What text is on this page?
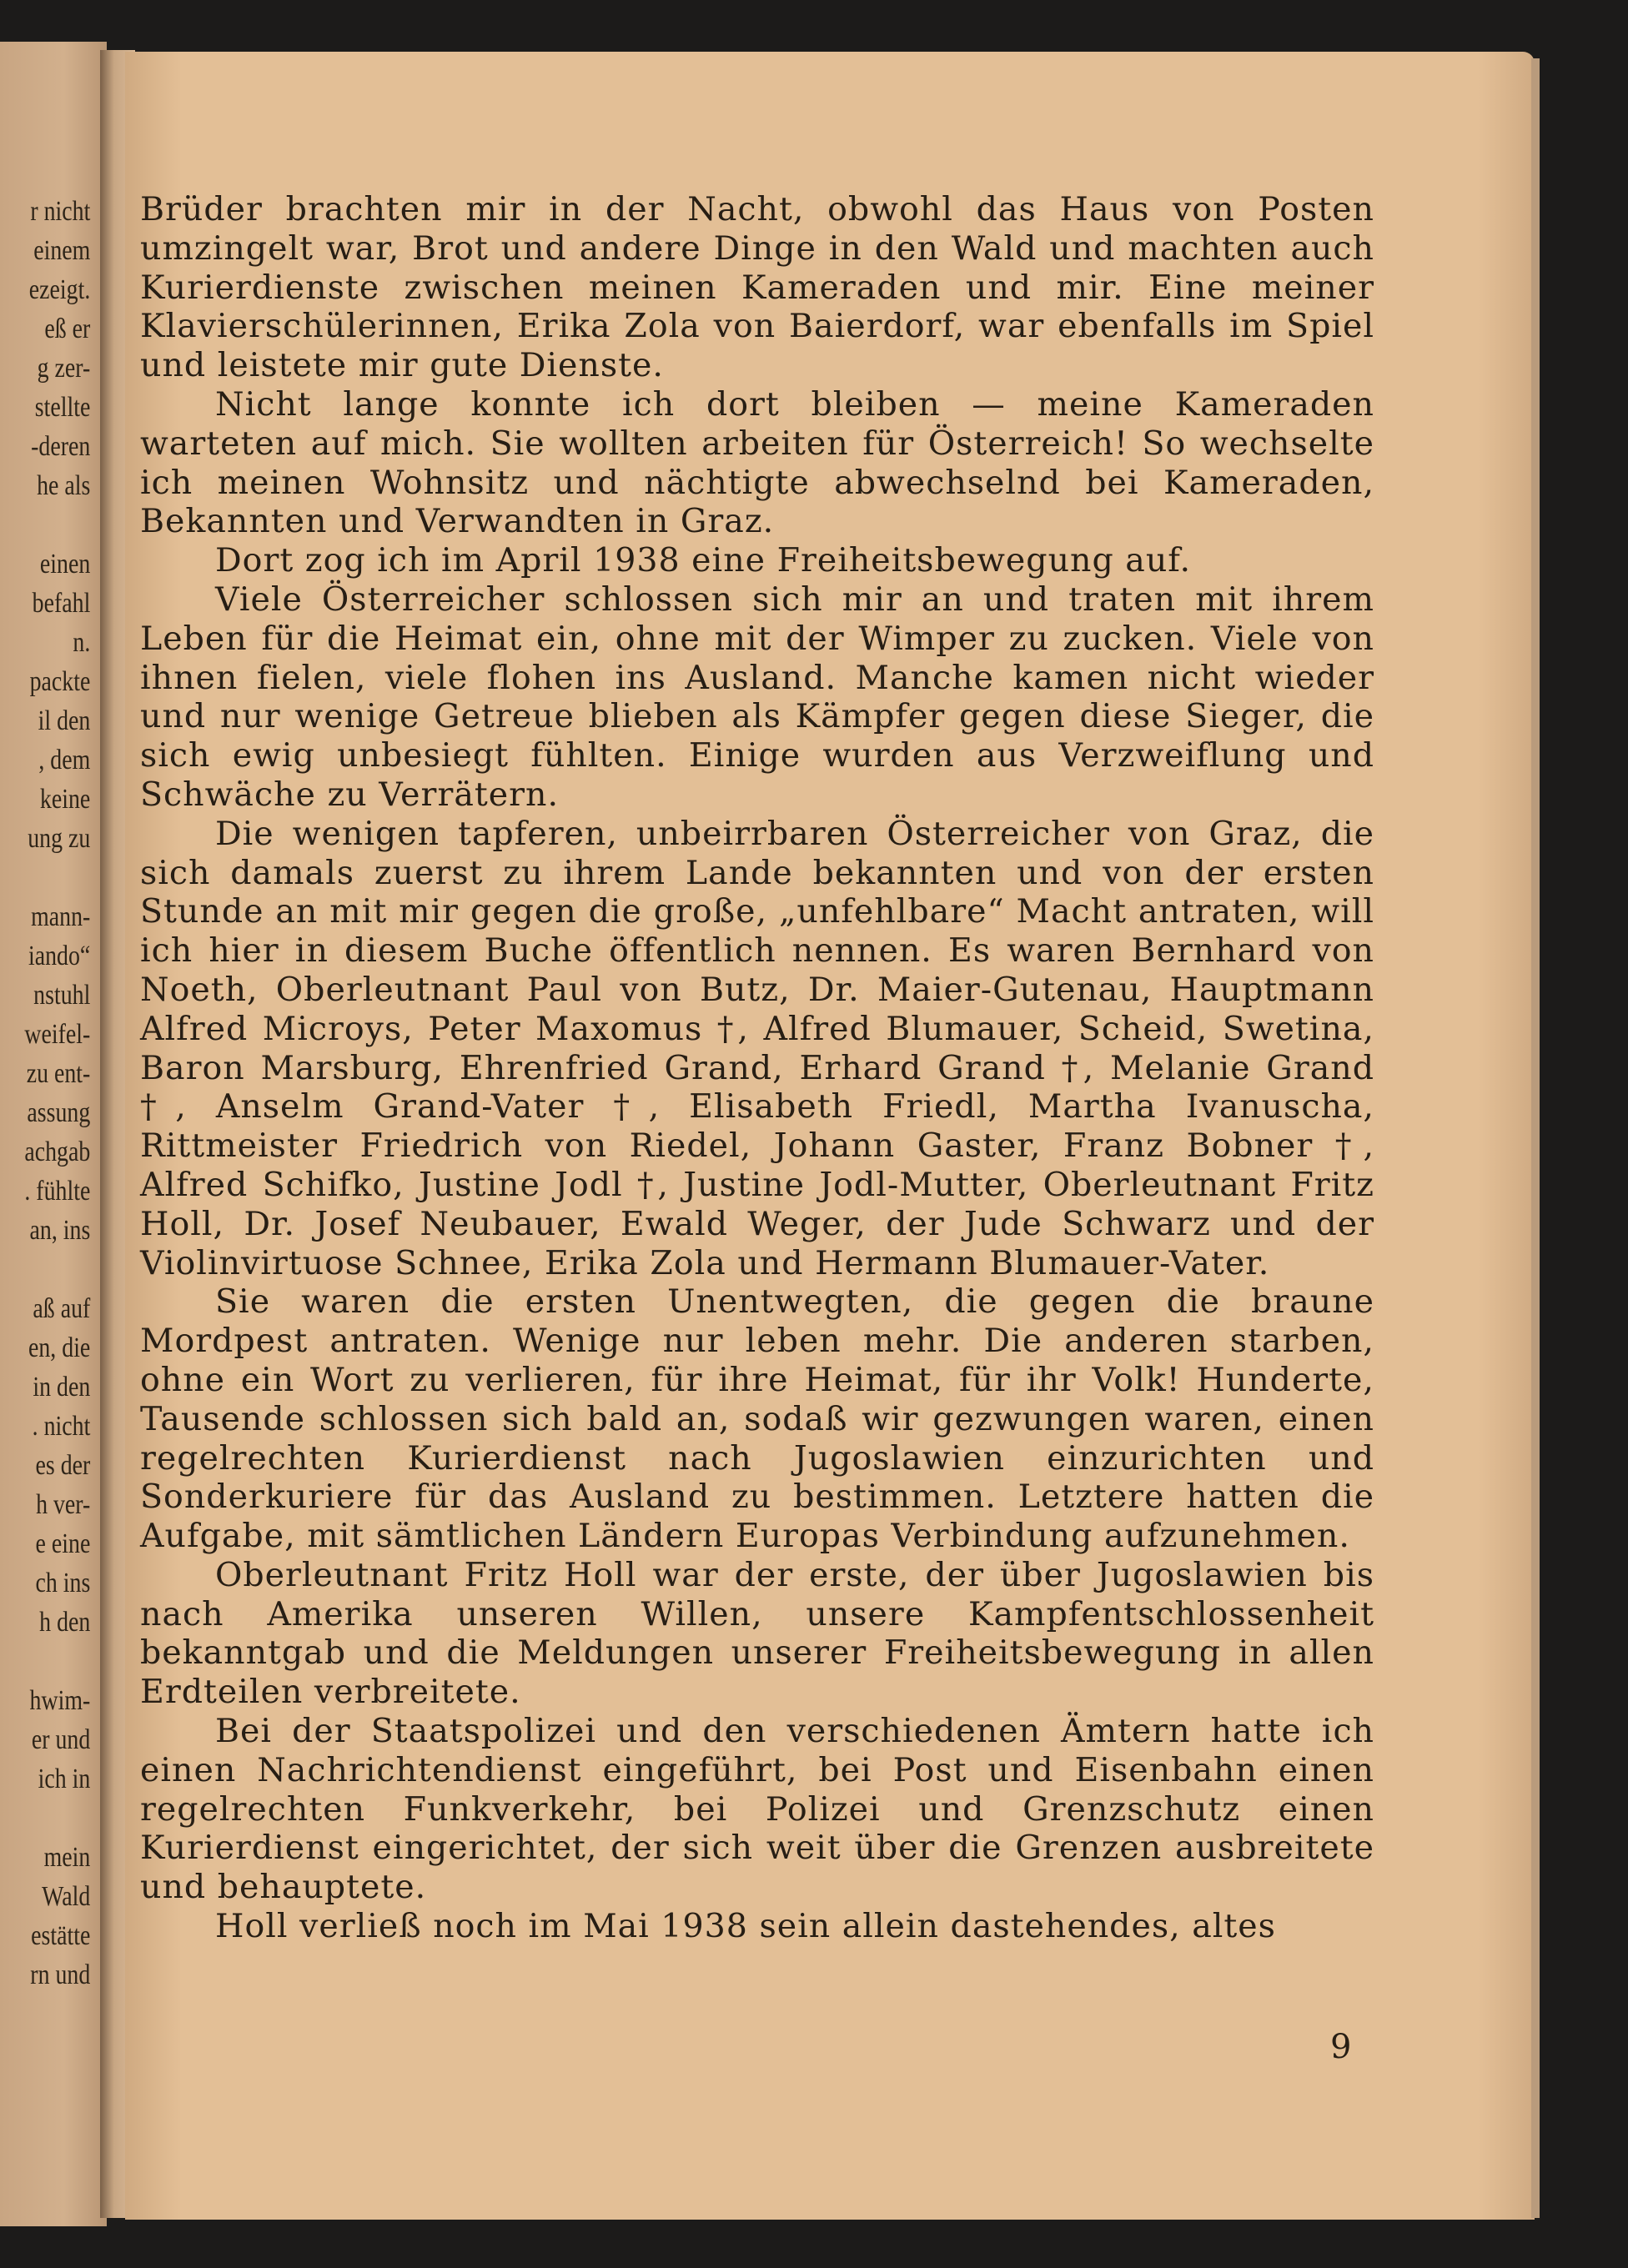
r nicht
einem
ezeigt.
eß er
g zer-
stellte
-deren
he als
einen
befahl
n.
packte
il den
, dem
keine
ung zu
mann-
iando“
nstuhl
weifel-
zu ent-
assung
achgab
. fühlte
an, ins
aß auf
en, die
in den
. nicht
es der
h ver-
e eine
ch ins
h den
hwim-
er und
ich in
mein
Wald
estätte
rn und

Brüder brachten mir in der Nacht, obwohl das Haus von Posten umzingelt war, Brot und andere Dinge in den Wald und machten auch Kurierdienste zwischen meinen Kameraden und mir. Eine meiner Klavierschülerinnen, Erika Zola von Baierdorf, war ebenfalls im Spiel und leistete mir gute Dienste.

Nicht lange konnte ich dort bleiben — meine Kameraden warteten auf mich. Sie wollten arbeiten für Österreich! So wechselte ich meinen Wohnsitz und nächtigte abwechselnd bei Kameraden, Bekannten und Verwandten in Graz.

Dort zog ich im April 1938 eine Freiheitsbewegung auf.

Viele Österreicher schlossen sich mir an und traten mit ihrem Leben für die Heimat ein, ohne mit der Wimper zu zucken. Viele von ihnen fielen, viele flohen ins Ausland. Manche kamen nicht wieder und nur wenige Getreue blieben als Kämpfer gegen diese Sieger, die sich ewig unbesiegt fühlten. Einige wurden aus Verzweiflung und Schwäche zu Verrätern.

Die wenigen tapferen, unbeirrbaren Österreicher von Graz, die sich damals zuerst zu ihrem Lande bekannten und von der ersten Stunde an mit mir gegen die große, „unfehlbare“ Macht antraten, will ich hier in diesem Buche öffentlich nennen. Es waren Bernhard von Noeth, Oberleutnant Paul von Butz, Dr. Maier-Gutenau, Hauptmann Alfred Microys, Peter Maxomus †, Alfred Blumauer, Scheid, Swetina, Baron Marsburg, Ehrenfried Grand, Erhard Grand †, Melanie Grand †, Anselm Grand-Vater †, Elisabeth Friedl, Martha Ivanuscha, Rittmeister Friedrich von Riedel, Johann Gaster, Franz Bobner †, Alfred Schifko, Justine Jodl †, Justine Jodl-Mutter, Oberleutnant Fritz Holl, Dr. Josef Neubauer, Ewald Weger, der Jude Schwarz und der Violinvirtuose Schnee, Erika Zola und Hermann Blumauer-Vater.

Sie waren die ersten Unentwegten, die gegen die braune Mordpest antraten. Wenige nur leben mehr. Die anderen starben, ohne ein Wort zu verlieren, für ihre Heimat, für ihr Volk! Hunderte, Tausende schlossen sich bald an, sodaß wir gezwungen waren, einen regelrechten Kurierdienst nach Jugoslawien einzurichten und Sonderkuriere für das Ausland zu bestimmen. Letztere hatten die Aufgabe, mit sämtlichen Ländern Europas Verbindung aufzunehmen.

Oberleutnant Fritz Holl war der erste, der über Jugoslawien bis nach Amerika unseren Willen, unsere Kampfentschlossenheit bekanntgab und die Meldungen unserer Freiheitsbewegung in allen Erdteilen verbreitete.

Bei der Staatspolizei und den verschiedenen Ämtern hatte ich einen Nachrichtendienst eingeführt, bei Post und Eisenbahn einen regelrechten Funkverkehr, bei Polizei und Grenzschutz einen Kurierdienst eingerichtet, der sich weit über die Grenzen ausbreitete und behauptete.

Holl verließ noch im Mai 1938 sein allein dastehendes, altes

9
